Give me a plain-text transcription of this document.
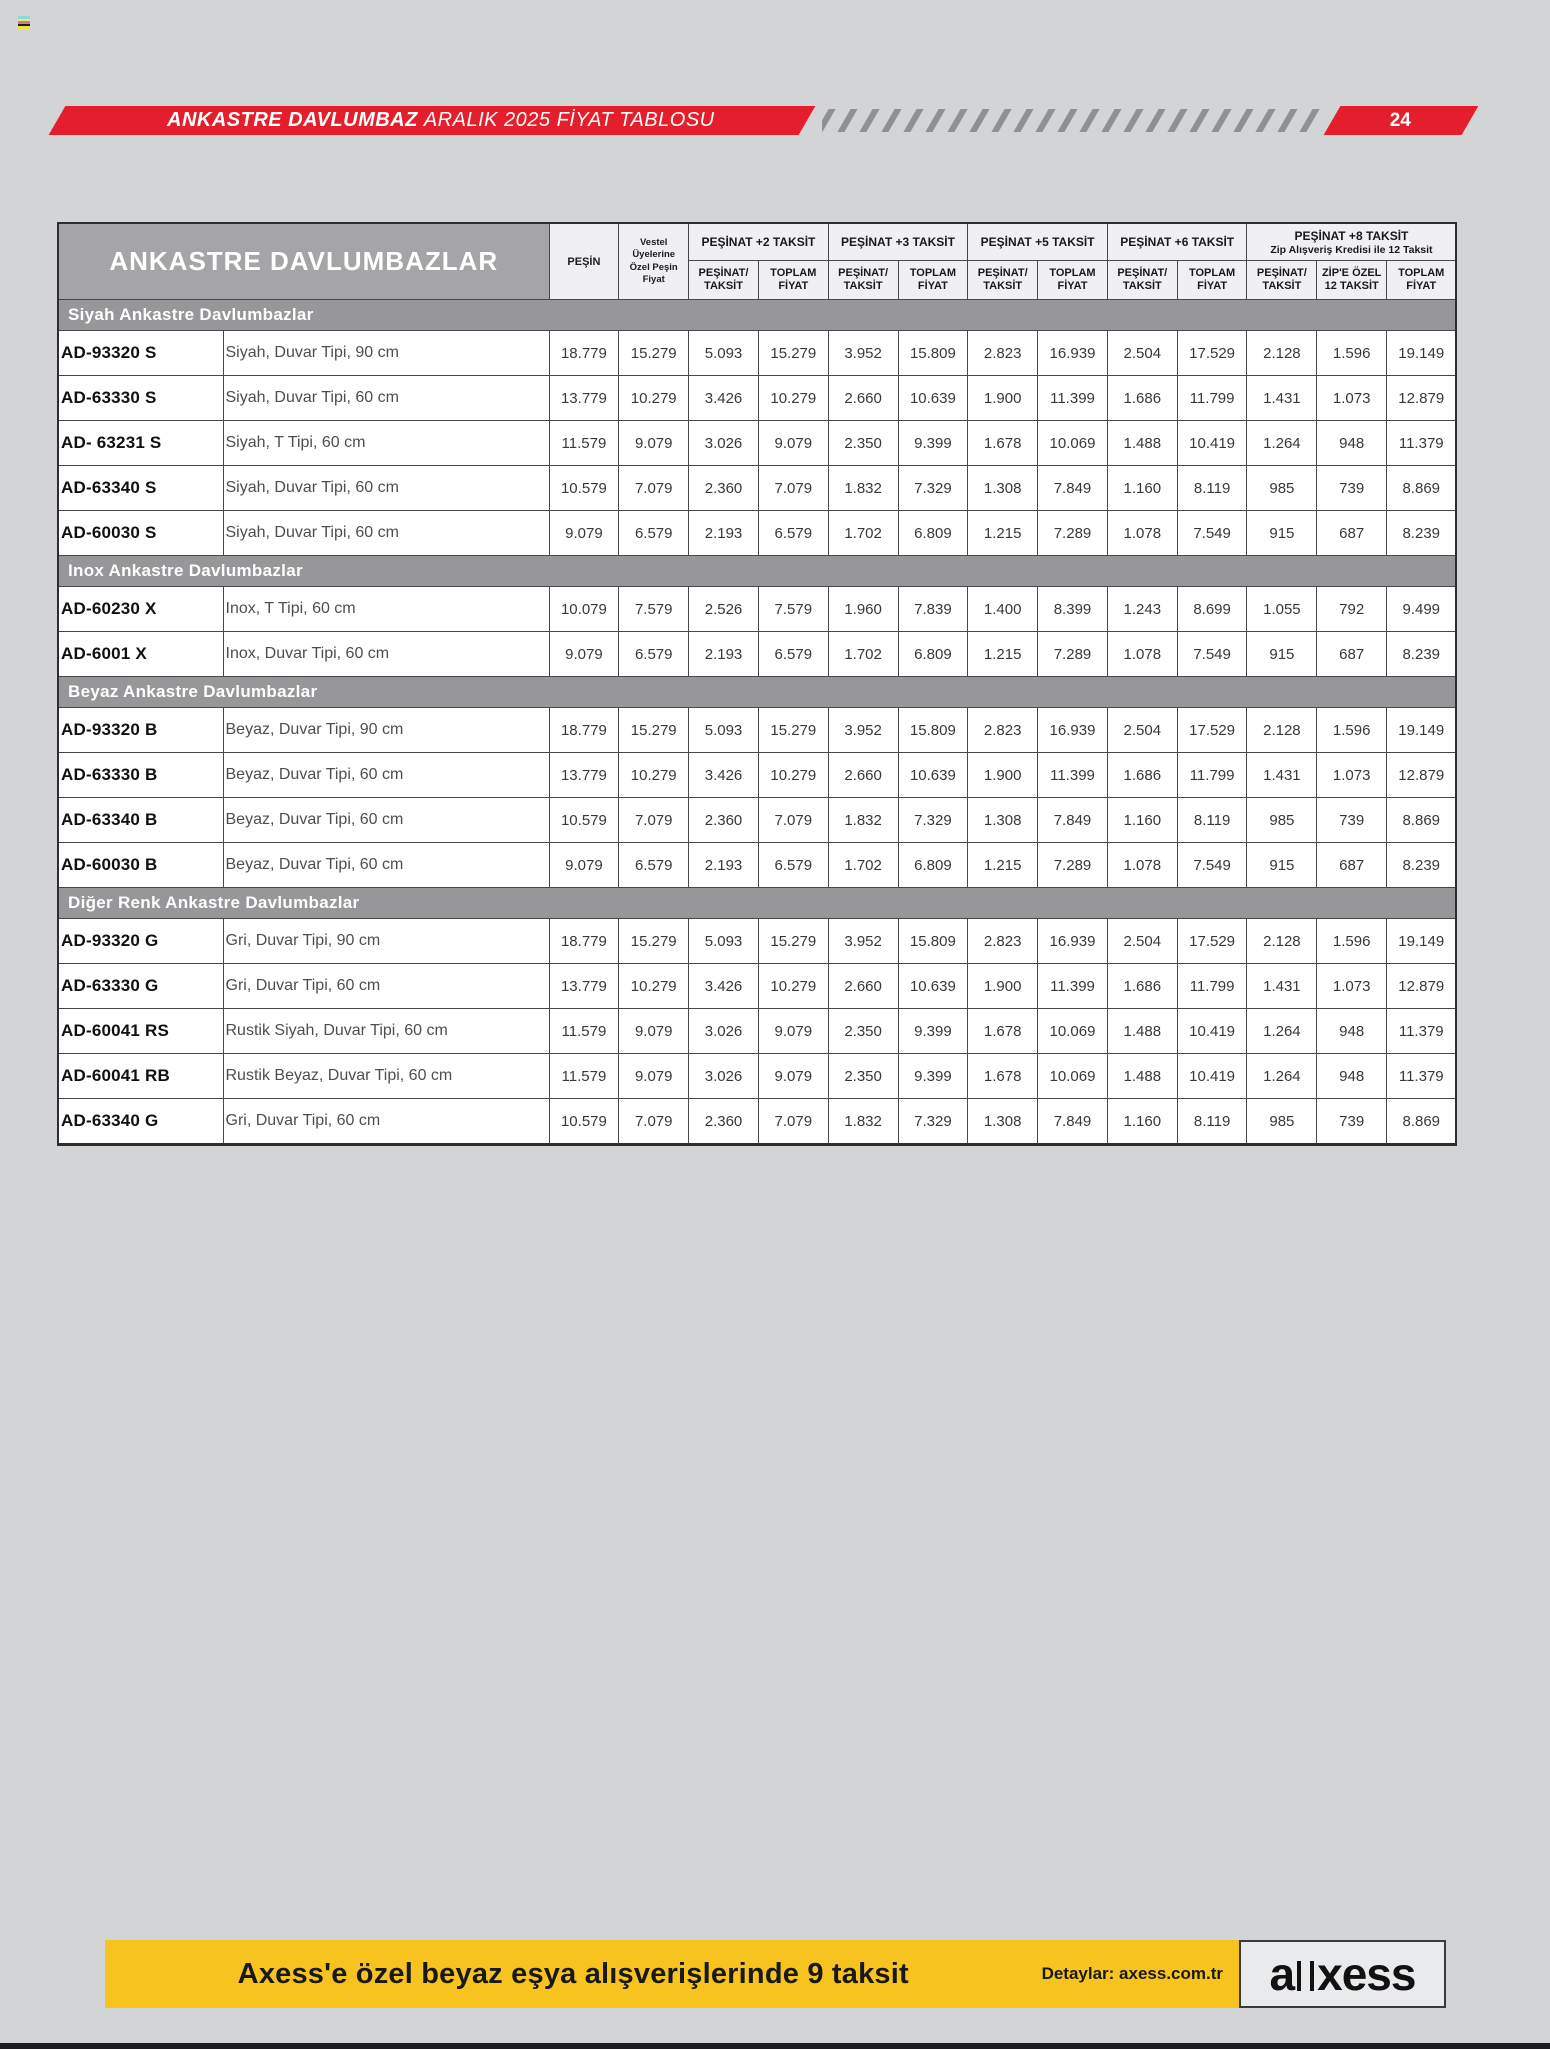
ANKASTRE DAVLUMBAZ ARALIK 2025 FİYAT TABLOSU	24
ANKASTRE DAVLUMBAZLAR		PEŞİN	Vestel Üyelerine Özel Peşin Fiyat	PEŞİNAT +2 TAKSİT		PEŞİNAT +3 TAKSİT		PEŞİNAT +5 TAKSİT		PEŞİNAT +6 TAKSİT		PEŞİNAT +8 TAKSİT
Zip Alışveriş Kredisi ile 12 Taksit		

				PEŞİNAT/ TAKSİT	TOPLAM FİYAT	PEŞİNAT/ TAKSİT	TOPLAM FİYAT	PEŞİNAT/ TAKSİT	TOPLAM FİYAT	PEŞİNAT/ TAKSİT	TOPLAM FİYAT	PEŞİNAT/ TAKSİT	ZİP'E ÖZEL 12 TAKSİT	TOPLAM FİYAT
Siyah Ankastre Davlumbazlar														
AD-93320 S	Siyah, Duvar Tipi, 90 cm	18.779	15.279	5.093	15.279	3.952	15.809	2.823	16.939	2.504	17.529	2.128	1.596	19.149
AD-63330 S	Siyah, Duvar Tipi, 60 cm	13.779	10.279	3.426	10.279	2.660	10.639	1.900	11.399	1.686	11.799	1.431	1.073	12.879
AD- 63231 S	Siyah, T Tipi, 60 cm	11.579	9.079	3.026	9.079	2.350	9.399	1.678	10.069	1.488	10.419	1.264	948	11.379
AD-63340 S	Siyah, Duvar Tipi, 60 cm	10.579	7.079	2.360	7.079	1.832	7.329	1.308	7.849	1.160	8.119	985	739	8.869
AD-60030 S	Siyah, Duvar Tipi, 60 cm	9.079	6.579	2.193	6.579	1.702	6.809	1.215	7.289	1.078	7.549	915	687	8.239
Inox Ankastre Davlumbazlar														
AD-60230 X	Inox, T Tipi, 60 cm	10.079	7.579	2.526	7.579	1.960	7.839	1.400	8.399	1.243	8.699	1.055	792	9.499
AD-6001 X	Inox, Duvar Tipi, 60 cm	9.079	6.579	2.193	6.579	1.702	6.809	1.215	7.289	1.078	7.549	915	687	8.239
Beyaz Ankastre Davlumbazlar														
AD-93320 B	Beyaz, Duvar Tipi, 90 cm	18.779	15.279	5.093	15.279	3.952	15.809	2.823	16.939	2.504	17.529	2.128	1.596	19.149
AD-63330 B	Beyaz, Duvar Tipi, 60 cm	13.779	10.279	3.426	10.279	2.660	10.639	1.900	11.399	1.686	11.799	1.431	1.073	12.879
AD-63340 B	Beyaz, Duvar Tipi, 60 cm	10.579	7.079	2.360	7.079	1.832	7.329	1.308	7.849	1.160	8.119	985	739	8.869
AD-60030 B	Beyaz, Duvar Tipi, 60 cm	9.079	6.579	2.193	6.579	1.702	6.809	1.215	7.289	1.078	7.549	915	687	8.239
Diğer Renk Ankastre Davlumbazlar														
AD-93320 G	Gri, Duvar Tipi, 90 cm	18.779	15.279	5.093	15.279	3.952	15.809	2.823	16.939	2.504	17.529	2.128	1.596	19.149
AD-63330 G	Gri, Duvar Tipi, 60 cm	13.779	10.279	3.426	10.279	2.660	10.639	1.900	11.399	1.686	11.799	1.431	1.073	12.879
AD-60041 RS	Rustik Siyah, Duvar Tipi, 60 cm	11.579	9.079	3.026	9.079	2.350	9.399	1.678	10.069	1.488	10.419	1.264	948	11.379
AD-60041 RB	Rustik Beyaz, Duvar Tipi, 60 cm	11.579	9.079	3.026	9.079	2.350	9.399	1.678	10.069	1.488	10.419	1.264	948	11.379
AD-63340 G	Gri, Duvar Tipi, 60 cm	10.579	7.079	2.360	7.079	1.832	7.329	1.308	7.849	1.160	8.119	985	739	8.869
Axess'e özel beyaz eşya alışverişlerinde 9 taksit	Detaylar: axess.com.tr a xess
